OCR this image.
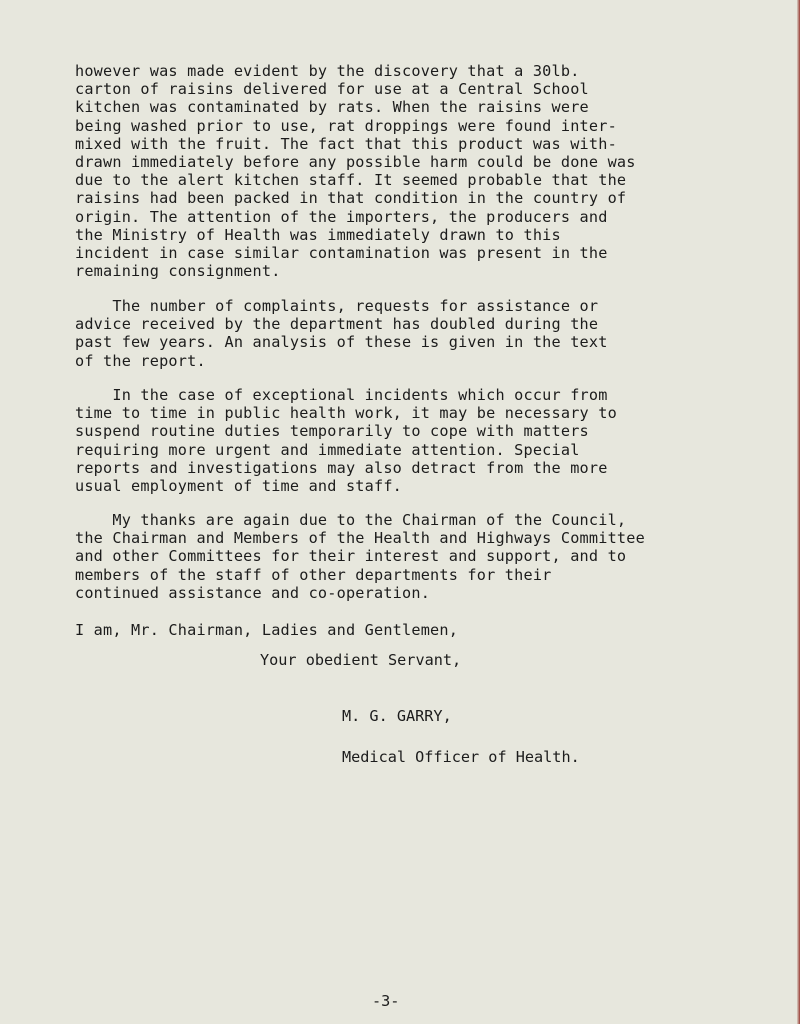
however was made evident by the discovery that a 30lb.
carton of raisins delivered for use at a Central School
kitchen was contaminated by rats. When the raisins were
being washed prior to use, rat droppings were found inter-
mixed with the fruit. The fact that this product was with-
drawn immediately before any possible harm could be done was
due to the alert kitchen staff. It seemed probable that the
raisins had been packed in that condition in the country of
origin. The attention of the importers, the producers and
the Ministry of Health was immediately drawn to this
incident in case similar contamination was present in the
remaining consignment.

The number of complaints, requests for assistance or
advice received by the department has doubled during the
past few years. An analysis of these is given in the text
of the report.

In the case of exceptional incidents which occur from
time to time in public health work, it may be necessary to
suspend routine duties temporarily to cope with matters
requiring more urgent and immediate attention. Special
reports and investigations may also detract from the more
usual employment of time and staff.

My thanks are again due to the Chairman of the Council,
the Chairman and Members of the Health and Highways Committee
and other Committees for their interest and support, and to
members of the staff of other departments for their
continued assistance and co-operation.

I am, Mr. Chairman, Ladies and Gentlemen,

Your obedient Servant,
M. G. GARRY,
Medical Officer of Health.
-3-
